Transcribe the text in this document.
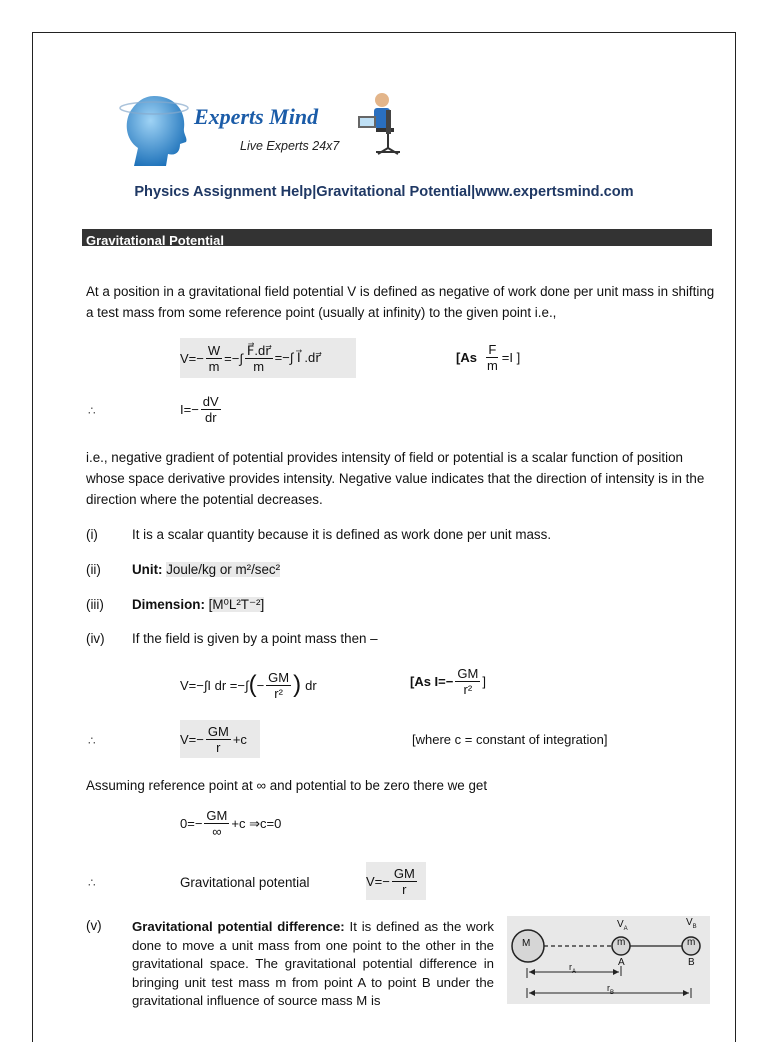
Experts Mind
Live Experts 24x7
Physics Assignment Help|Gravitational Potential|www.expertsmind.com
Gravitational Potential
At a position in a gravitational field potential V is defined as negative of work done per unit mass in shifting a test mass from some reference point (usually at infinity) to the given point i.e.,
$V=- \frac{W}{m}$ =−∫ $\frac{F⃗.dr⃗}{m}$ =−∫ I⃗ .dr⃗	[$As \frac{F}{m} =I$ ]
∴	$I=- \frac{dV}{dr}$
i.e., negative gradient of potential provides intensity of field or potential is a scalar function of position whose space derivative provides intensity. Negative value indicates that the direction of intensity is in the direction where the potential decreases.
(i)	It is a scalar quantity because it is defined as work done per unit mass.
(ii) Unit: Joule/kg or m²/sec²
(iii) Dimension: [M⁰L²T⁻²]
(iv) If the field is given by a point mass then –
V=−∫I dr =−∫ ( − $\frac{GM}{\text{r²}}$ ) dr	[As $I=- \frac{GM}{\text{r²}}$ ]
∴	$V=- \frac{GM}{r} +c$	[where c = constant of integration]
Assuming reference point at ∞ and potential to be zero there we get
$0=- \frac{GM}{\infty} +c$ ⇒c=0
∴	Gravitational potential	$V=- \frac{GM}{r}$
(v) Gravitational potential difference: It is defined as the work done to move a unit mass from one point to the other in the gravitational space. The gravitational potential difference in bringing unit test mass m from point A to point B under the gravitational influence of source mass M is
M	m	m
$V_A$
$V_B$
A	B
$r_A$
$r_B$
